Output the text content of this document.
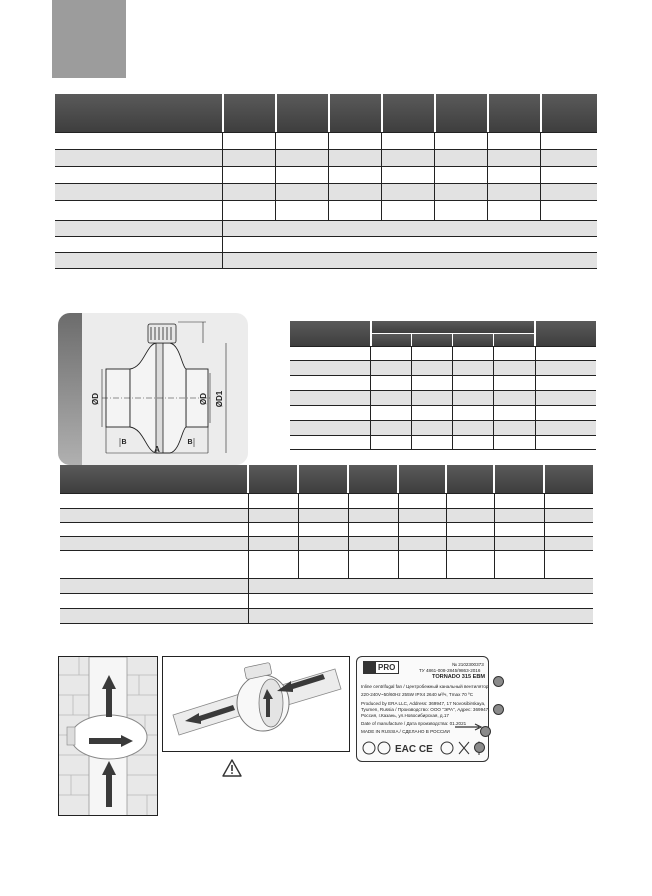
ØD	ØD ØD1
A
B	B
PRO	№ 2102300373
ТУ 4861-008-2845/9863-2016
TORNADO 315 EBM
Inline centrifugal fan / Центробежный канальный вентилятор
220-240V~50/60Hz 255W IPX4 2640 м³/ч, Tmax 70 ºC
Produced by ERA LLC, Address: 369947, 17 Novosibirskaya,
Tyumen, Russia / Производство: ООО "ЭРА", Адрес: 369947,
Россия, г.Казань, ул.Новосибирская, д.17
Date of manufacture / Дата производства: 01.2021
MADE IN RUSSIA / СДЕЛАНО В РОССИИ
EAC CE
